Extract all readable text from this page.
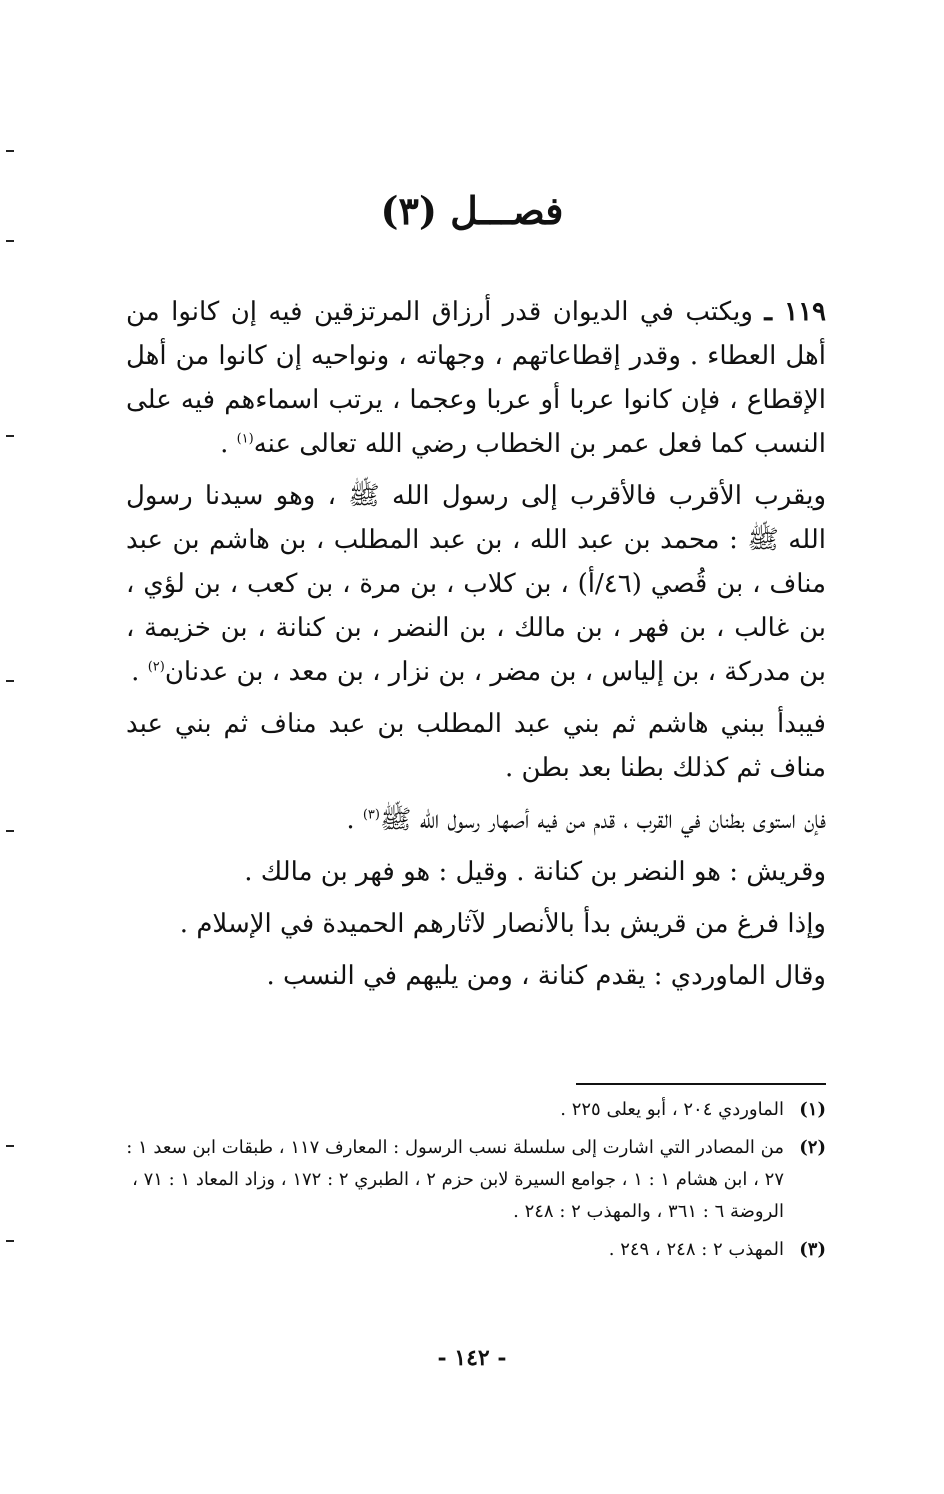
فصـــل (٣)

١١٩ ـ ويكتب في الديوان قدر أرزاق المرتزقين فيه إن كانوا من أهل العطاء . وقدر إقطاعاتهم ، وجهاته ، ونواحيه إن كانوا من أهل الإقطاع ، فإن كانوا عربا أو عربا وعجما ، يرتب اسماءهم فيه على النسب كما فعل عمر بن الخطاب رضي الله تعالى عنه$^{(١)}$ .

ويقرب الأقرب فالأقرب إلى رسول الله ﷺ ، وهو سيدنا رسول الله ﷺ : محمد بن عبد الله ، بن عبد المطلب ، بن هاشم بن عبد مناف ، بن قُصي (٤٦/أ) ، بن كلاب ، بن مرة ، بن كعب ، بن لؤي ، بن غالب ، بن فهر ، بن مالك ، بن النضر ، بن كنانة ، بن خزيمة ، بن مدركة ، بن إلياس ، بن مضر ، بن نزار ، بن معد ، بن عدنان$^{(٢)}$ .

فيبدأ ببني هاشم ثم بني عبد المطلب بن عبد مناف ثم بني عبد مناف ثم كذلك بطنا بعد بطن .

فإن استوى بطنان في القرب ، قدم من فيه أصهار رسول الله ﷺ$^{(٣)}$ .

وقريش : هو النضر بن كنانة . وقيل : هو فهر بن مالك .

وإذا فرغ من قريش بدأ بالأنصار لآثارهم الحميدة في الإسلام .

وقال الماوردي : يقدم كنانة ، ومن يليهم في النسب .

(١)
الماوردي ٢٠٤ ، أبو يعلى ٢٢٥ .
(٢)
من المصادر التي اشارت إلى سلسلة نسب الرسول : المعارف ١١٧ ، طبقات ابن سعد ١ : ٢٧ ، ابن هشام ١ : ١ ، جوامع السيرة لابن حزم ٢ ، الطبري ٢ : ١٧٢ ، وزاد المعاد ١ : ٧١ ، الروضة ٦ : ٣٦١ ، والمهذب ٢ : ٢٤٨ .
(٣)
المهذب ٢ : ٢٤٨ ، ٢٤٩ .
- ١٤٢ -
